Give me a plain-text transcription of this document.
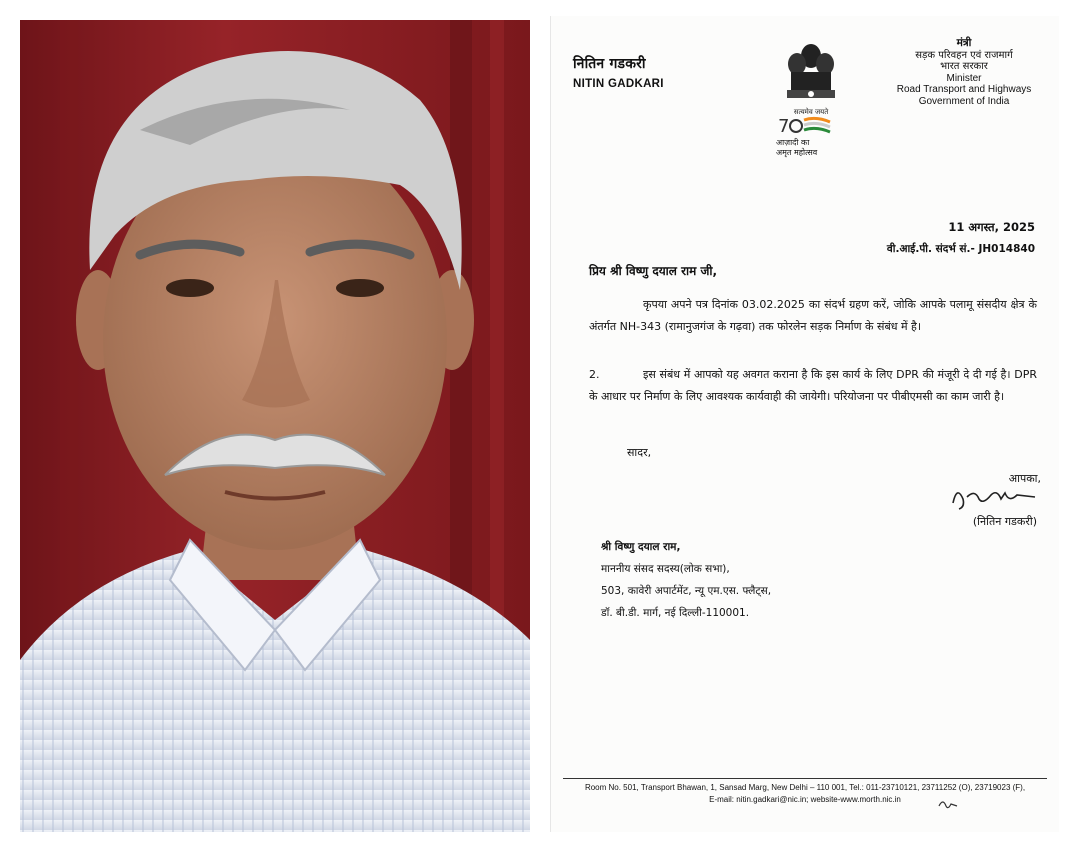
नितिन गडकरी
NITIN GADKARI
सत्यमेव जयते
7
आज़ादी का
अमृत महोत्सव
मंत्री
सड़क परिवहन एवं राजमार्ग
भारत सरकार
Minister
Road Transport and Highways
Government of India
11 अगस्त, 2025
वी.आई.पी. संदर्भ सं.- JH014840
प्रिय श्री विष्णु दयाल राम जी,
कृपया अपने पत्र दिनांक 03.02.2025 का संदर्भ ग्रहण करें, जोकि आपके पलामू संसदीय क्षेत्र के अंतर्गत NH-343 (रामानुजगंज के गढ़वा) तक फोरलेन सड़क निर्माण के संबंध में है।
2.	इस संबंध में आपको यह अवगत कराना है कि इस कार्य के लिए DPR की मंजूरी दे दी गई है। DPR के आधार पर निर्माण के लिए आवश्यक कार्यवाही की जायेगी। परियोजना पर पीबीएमसी का काम जारी है।
सादर,
आपका,
(नितिन गडकरी)
श्री विष्णु दयाल राम,
माननीय संसद सदस्य(लोक सभा),
503, कावेरी अपार्टमेंट, न्यू एम.एस. फ्लैट्स,
डॉ. बी.डी. मार्ग, नई दिल्ली-110001.
Room No. 501, Transport Bhawan, 1, Sansad Marg, New Delhi – 110 001, Tel.: 011-23710121, 23711252 (O), 23719023 (F),
E-mail: nitin.gadkari@nic.in; website-www.morth.nic.in
